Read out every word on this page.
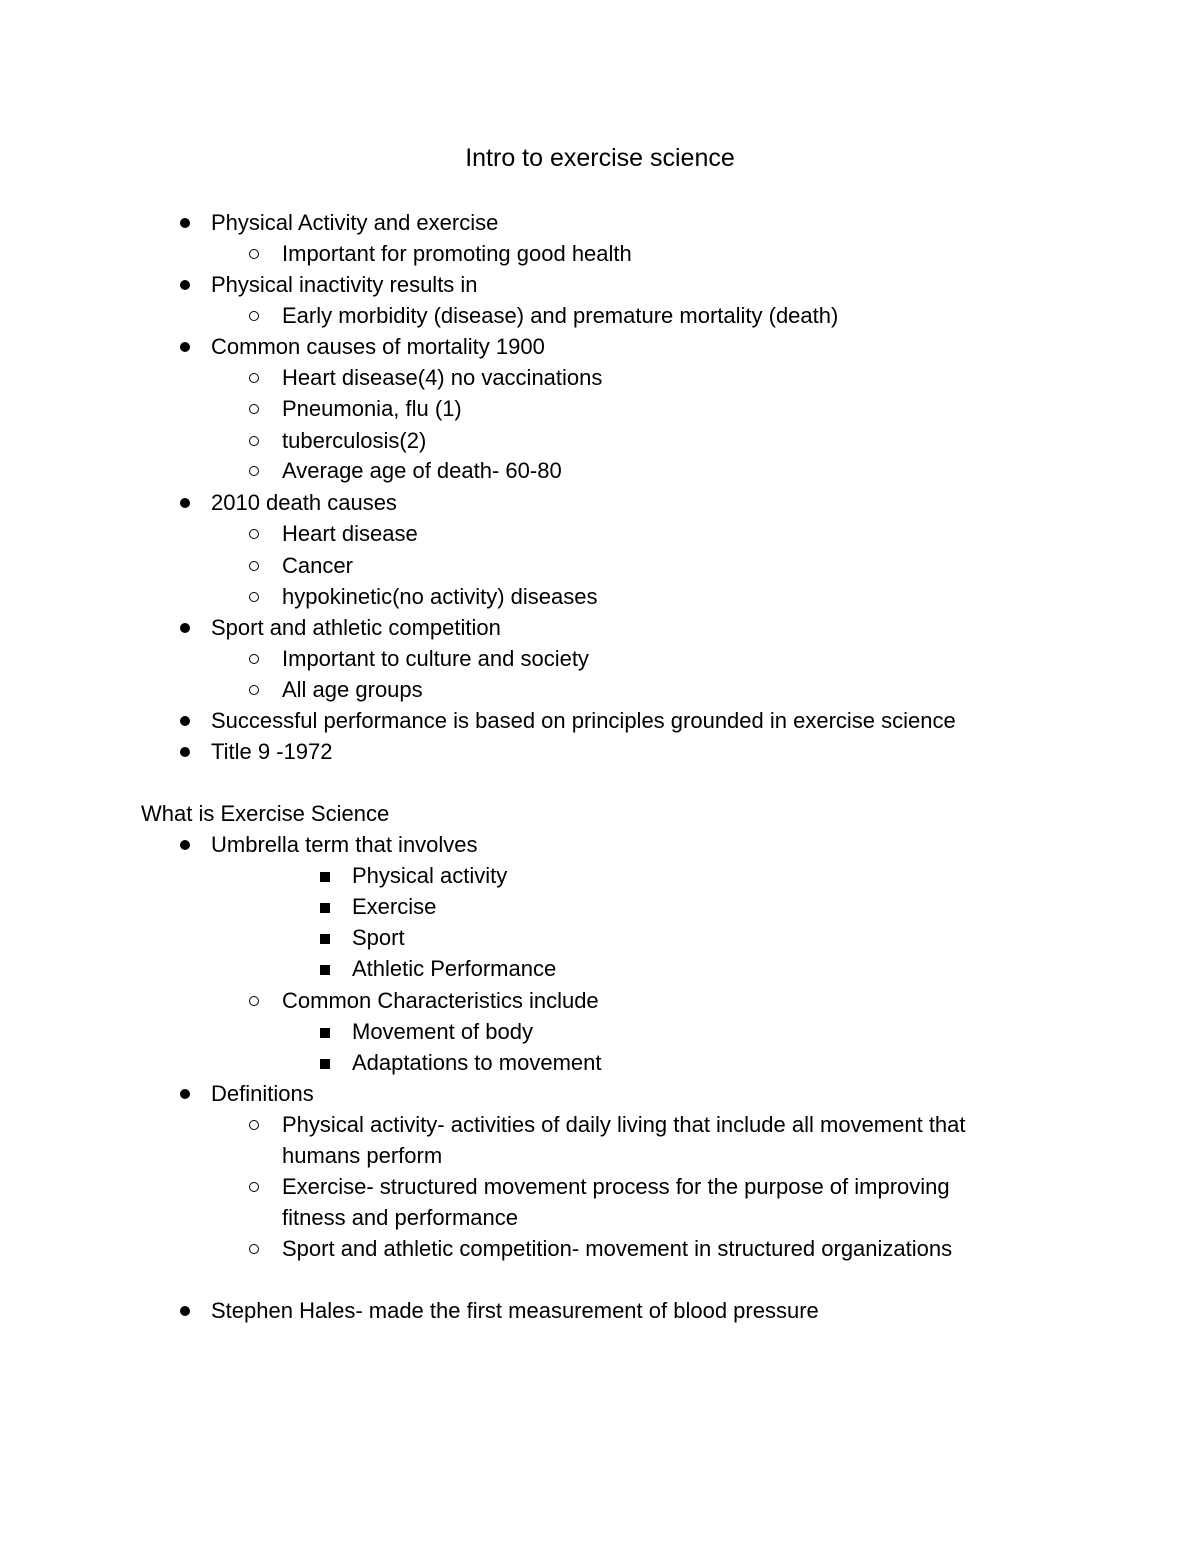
Intro to exercise science
Physical Activity and exercise
Important for promoting good health
Physical inactivity results in
Early morbidity (disease) and premature mortality (death)
Common causes of mortality 1900
Heart disease(4) no vaccinations
Pneumonia, flu (1)
tuberculosis(2)
Average age of death- 60-80
2010 death causes
Heart disease
Cancer
hypokinetic(no activity) diseases
Sport and athletic competition
Important to culture and society
All age groups
Successful performance is based on principles grounded in exercise science
Title 9 -1972
What is Exercise Science
Umbrella term that involves
Physical activity
Exercise
Sport
Athletic Performance
Common Characteristics include
Movement of body
Adaptations to movement
Definitions
Physical activity- activities of daily living that include all movement that
humans perform
Exercise- structured movement process for the purpose of improving
fitness and performance
Sport and athletic competition- movement in structured organizations
Stephen Hales- made the first measurement of blood pressure
